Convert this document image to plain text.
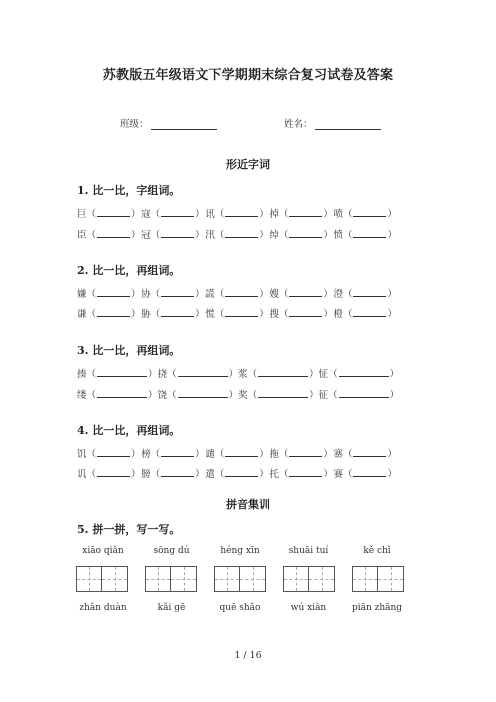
苏教版五年级语文下学期期末综合复习试卷及答案
班级：	姓名：
形近字词
1. 比一比，字组词。
巨（	） 寇（	） 讯（	） 掉（	） 喷（	）
臣（	） 冠（	） 汛（	） 绰（	） 愤（	）
2. 比一比，再组词。
嫌（	） 协（	） 謊（	） 嫂（	） 澄（	）
谦（	） 胁（	） 慌（	） 搜（	） 橙（	）
3. 比一比，再组词。
揍（	） 挠（	） 浆（	） 怔（	）
缕（	） 饶（	） 奖（	） 征（	）
4. 比一比，再组词。
饥（	） 榜（	） 谴（	） 拖（	） 寨（	）
讥（	） 膀（	） 遣（	） 托（	） 赛（	）
拼音集训
5. 拼一拼，写一写。
xiāo qiǎn	sōng dú	héng xīn	shuāi tuí	kě chǐ
zhǎn duàn	kǎi gē	quē shǎo	wú xiàn	piān zhāng
1 / 16
